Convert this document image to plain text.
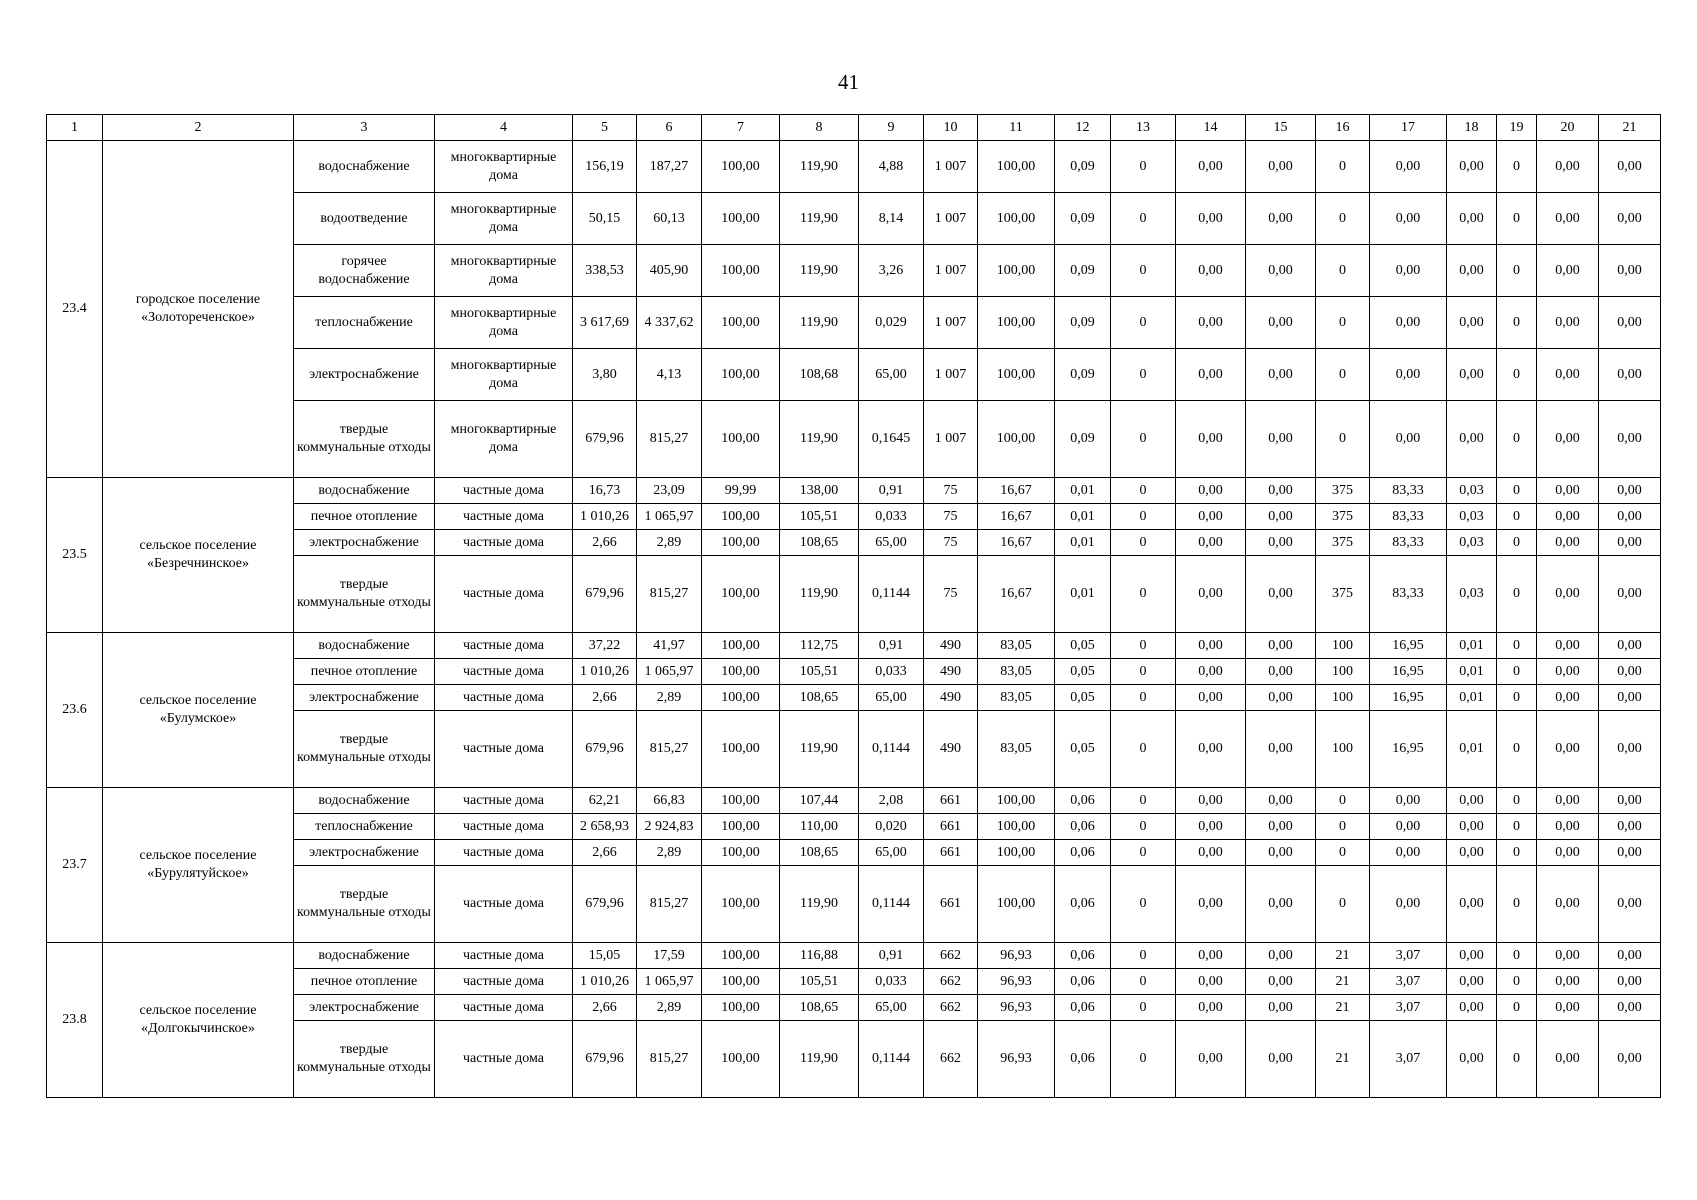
41
1	2	3	4	5	6	7	8	9	10	11	12	13	14	15	16	17	18	19	20	21
23.4	городское поселение «Золотореченское»	водоснабжение	многоквартирные дома	156,19	187,27	100,00	119,90	4,88	1 007	100,00	0,09	0	0,00	0,00	0	0,00	0,00	0	0,00	0,00
		водоотведение	многоквартирные дома	50,15	60,13	100,00	119,90	8,14	1 007	100,00	0,09	0	0,00	0,00	0	0,00	0,00	0	0,00	0,00
		горячее водоснабжение	многоквартирные дома	338,53	405,90	100,00	119,90	3,26	1 007	100,00	0,09	0	0,00	0,00	0	0,00	0,00	0	0,00	0,00
		теплоснабжение	многоквартирные дома	3 617,69	4 337,62	100,00	119,90	0,029	1 007	100,00	0,09	0	0,00	0,00	0	0,00	0,00	0	0,00	0,00
		электроснабжение	многоквартирные дома	3,80	4,13	100,00	108,68	65,00	1 007	100,00	0,09	0	0,00	0,00	0	0,00	0,00	0	0,00	0,00
		твердые коммунальные отходы	многоквартирные дома	679,96	815,27	100,00	119,90	0,1645	1 007	100,00	0,09	0	0,00	0,00	0	0,00	0,00	0	0,00	0,00
23.5	сельское поселение «Безречнинское»	водоснабжение	частные дома	16,73	23,09	99,99	138,00	0,91	75	16,67	0,01	0	0,00	0,00	375	83,33	0,03	0	0,00	0,00
		печное отопление	частные дома	1 010,26	1 065,97	100,00	105,51	0,033	75	16,67	0,01	0	0,00	0,00	375	83,33	0,03	0	0,00	0,00
		электроснабжение	частные дома	2,66	2,89	100,00	108,65	65,00	75	16,67	0,01	0	0,00	0,00	375	83,33	0,03	0	0,00	0,00
		твердые коммунальные отходы	частные дома	679,96	815,27	100,00	119,90	0,1144	75	16,67	0,01	0	0,00	0,00	375	83,33	0,03	0	0,00	0,00
23.6	сельское поселение «Булумское»	водоснабжение	частные дома	37,22	41,97	100,00	112,75	0,91	490	83,05	0,05	0	0,00	0,00	100	16,95	0,01	0	0,00	0,00
		печное отопление	частные дома	1 010,26	1 065,97	100,00	105,51	0,033	490	83,05	0,05	0	0,00	0,00	100	16,95	0,01	0	0,00	0,00
		электроснабжение	частные дома	2,66	2,89	100,00	108,65	65,00	490	83,05	0,05	0	0,00	0,00	100	16,95	0,01	0	0,00	0,00
		твердые коммунальные отходы	частные дома	679,96	815,27	100,00	119,90	0,1144	490	83,05	0,05	0	0,00	0,00	100	16,95	0,01	0	0,00	0,00
23.7	сельское поселение «Бурулятуйское»	водоснабжение	частные дома	62,21	66,83	100,00	107,44	2,08	661	100,00	0,06	0	0,00	0,00	0	0,00	0,00	0	0,00	0,00
		теплоснабжение	частные дома	2 658,93	2 924,83	100,00	110,00	0,020	661	100,00	0,06	0	0,00	0,00	0	0,00	0,00	0	0,00	0,00
		электроснабжение	частные дома	2,66	2,89	100,00	108,65	65,00	661	100,00	0,06	0	0,00	0,00	0	0,00	0,00	0	0,00	0,00
		твердые коммунальные отходы	частные дома	679,96	815,27	100,00	119,90	0,1144	661	100,00	0,06	0	0,00	0,00	0	0,00	0,00	0	0,00	0,00
23.8	сельское поселение «Долгокычинское»	водоснабжение	частные дома	15,05	17,59	100,00	116,88	0,91	662	96,93	0,06	0	0,00	0,00	21	3,07	0,00	0	0,00	0,00
		печное отопление	частные дома	1 010,26	1 065,97	100,00	105,51	0,033	662	96,93	0,06	0	0,00	0,00	21	3,07	0,00	0	0,00	0,00
		электроснабжение	частные дома	2,66	2,89	100,00	108,65	65,00	662	96,93	0,06	0	0,00	0,00	21	3,07	0,00	0	0,00	0,00
		твердые коммунальные отходы	частные дома	679,96	815,27	100,00	119,90	0,1144	662	96,93	0,06	0	0,00	0,00	21	3,07	0,00	0	0,00	0,00
